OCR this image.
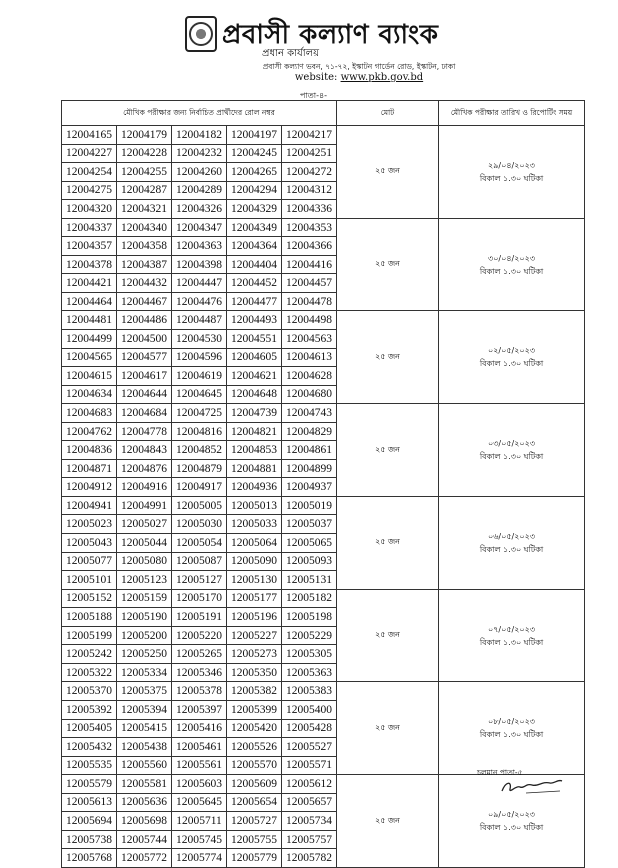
প্রবাসী কল্যাণ ব্যাংক
প্রধান কার্যালয়
প্রবাসী কল্যাণ ভবন, ৭১-৭২, ইস্কাটন গার্ডেন রোড, ইস্কাটন, ঢাকা
website: www.pkb.gov.bd
পাতা-৪-
মৌখিক পরীক্ষার জন্য নির্বাচিত প্রার্থীদের রোল নম্বর					মোট	মৌখিক পরীক্ষার তারিখ ও রিপোর্টিং সময়
12004165	12004179	12004182	12004197	12004217	২৫ জন	২৯/০৪/২০২৩
বিকাল ১.৩০ ঘটিকা

12004227	12004228	12004232	12004245	12004251		
12004254	12004255	12004260	12004265	12004272		
12004275	12004287	12004289	12004294	12004312		
12004320	12004321	12004326	12004329	12004336		
12004337	12004340	12004347	12004349	12004353	২৫ জন	৩০/০৪/২০২৩
বিকাল ১.৩০ ঘটিকা

12004357	12004358	12004363	12004364	12004366		
12004378	12004387	12004398	12004404	12004416		
12004421	12004432	12004447	12004452	12004457		
12004464	12004467	12004476	12004477	12004478		
12004481	12004486	12004487	12004493	12004498	২৫ জন	০২/০৫/২০২৩
বিকাল ১.৩০ ঘটিকা

12004499	12004500	12004530	12004551	12004563		
12004565	12004577	12004596	12004605	12004613		
12004615	12004617	12004619	12004621	12004628		
12004634	12004644	12004645	12004648	12004680		
12004683	12004684	12004725	12004739	12004743	২৫ জন	০৩/০৫/২০২৩
বিকাল ১.৩০ ঘটিকা

12004762	12004778	12004816	12004821	12004829		
12004836	12004843	12004852	12004853	12004861		
12004871	12004876	12004879	12004881	12004899		
12004912	12004916	12004917	12004936	12004937		
12004941	12004991	12005005	12005013	12005019	২৫ জন	০৬/০৫/২০২৩
বিকাল ১.৩০ ঘটিকা

12005023	12005027	12005030	12005033	12005037		
12005043	12005044	12005054	12005064	12005065		
12005077	12005080	12005087	12005090	12005093		
12005101	12005123	12005127	12005130	12005131		
12005152	12005159	12005170	12005177	12005182	২৫ জন	০৭/০৫/২০২৩
বিকাল ১.৩০ ঘটিকা

12005188	12005190	12005191	12005196	12005198		
12005199	12005200	12005220	12005227	12005229		
12005242	12005250	12005265	12005273	12005305		
12005322	12005334	12005346	12005350	12005363		
12005370	12005375	12005378	12005382	12005383	২৫ জন	০৮/০৫/২০২৩
বিকাল ১.৩০ ঘটিকা

12005392	12005394	12005397	12005399	12005400		
12005405	12005415	12005416	12005420	12005428		
12005432	12005438	12005461	12005526	12005527		
12005535	12005560	12005561	12005570	12005571		
12005579	12005581	12005603	12005609	12005612	২৫ জন	০৯/০৫/২০২৩
বিকাল ১.৩০ ঘটিকা

12005613	12005636	12005645	12005654	12005657		
12005694	12005698	12005711	12005727	12005734		
12005738	12005744	12005745	12005755	12005757		
12005768	12005772	12005774	12005779	12005782		
চলমান পাতা-৫
